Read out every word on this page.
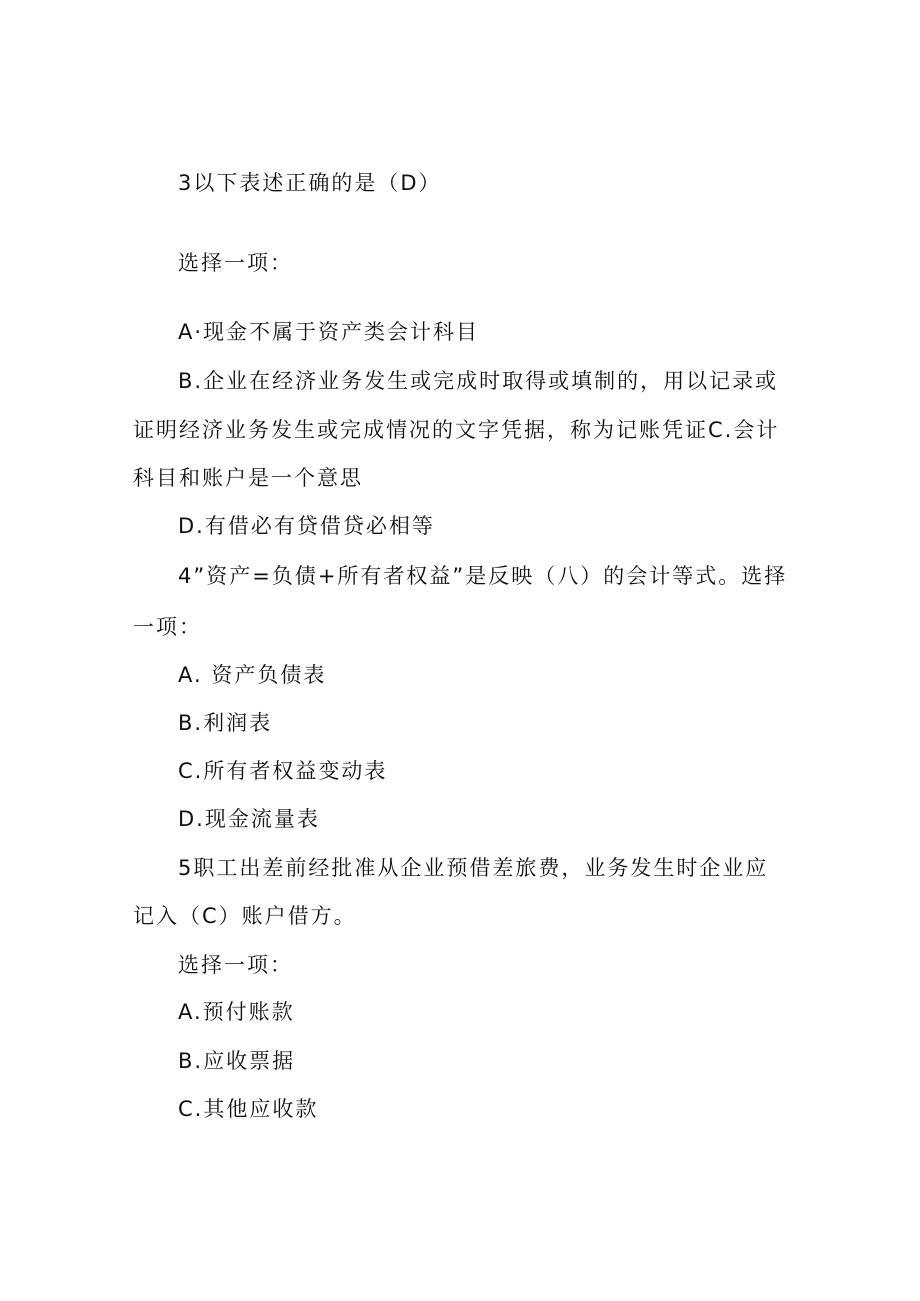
3以下表述正确的是（D）
选择一项：
A·现金不属于资产类会计科目
B.企业在经济业务发生或完成时取得或填制的，用以记录或
证明经济业务发生或完成情况的文字凭据，称为记账凭证C.会计
科目和账户是一个意思
D.有借必有贷借贷必相等
4”资产=负债+所有者权益”是反映（八）的会计等式。选择
一项：
A. 资产负债表
B.利润表
C.所有者权益变动表
D.现金流量表
5职工出差前经批准从企业预借差旅费，业务发生时企业应
记入（C）账户借方。
选择一项：
A.预付账款
B.应收票据
C.其他应收款
